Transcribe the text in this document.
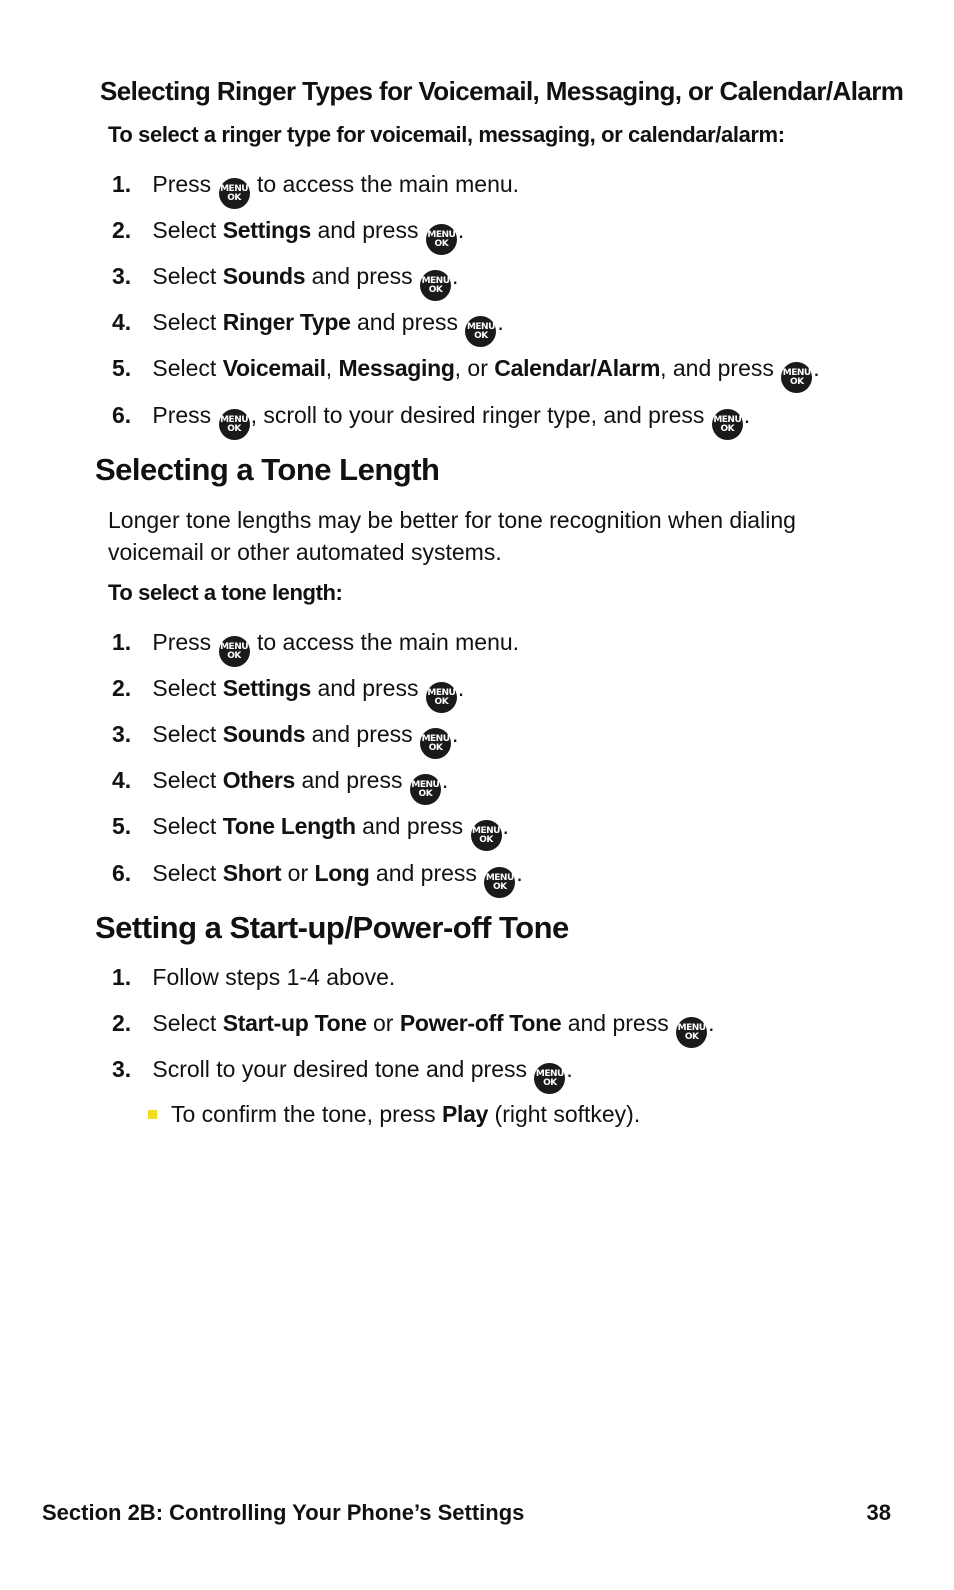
Selecting Ringer Types for Voicemail, Messaging, or Calendar/Alarm
To select a ringer type for voicemail, messaging, or calendar/alarm:
1. Press MENU
OK
to access the main menu.
2. Select Settings and press MENU
OK
.
3. Select Sounds and press MENU
OK
.
4. Select Ringer Type and press MENU
OK
.
5. Select Voicemail, Messaging, or Calendar/Alarm, and press MENU
OK
.
6. Press MENU
OK
, scroll to your desired ringer type, and press MENU
OK
.
Selecting a Tone Length
Longer tone lengths may be better for tone recognition when dialing voicemail or other automated systems.
To select a tone length:
1. Press MENU
OK
to access the main menu.
2. Select Settings and press MENU
OK
.
3. Select Sounds and press MENU
OK
.
4. Select Others and press MENU
OK
.
5. Select Tone Length and press MENU
OK
.
6. Select Short or Long and press MENU
OK
.
Setting a Start-up/Power-off Tone
1. Follow steps 1-4 above.
2. Select Start-up Tone or Power-off Tone and press MENU
OK
.
3. Scroll to your desired tone and press MENU
OK
.
To confirm the tone, press Play (right softkey).
Section 2B: Controlling Your Phone’s Settings	38
